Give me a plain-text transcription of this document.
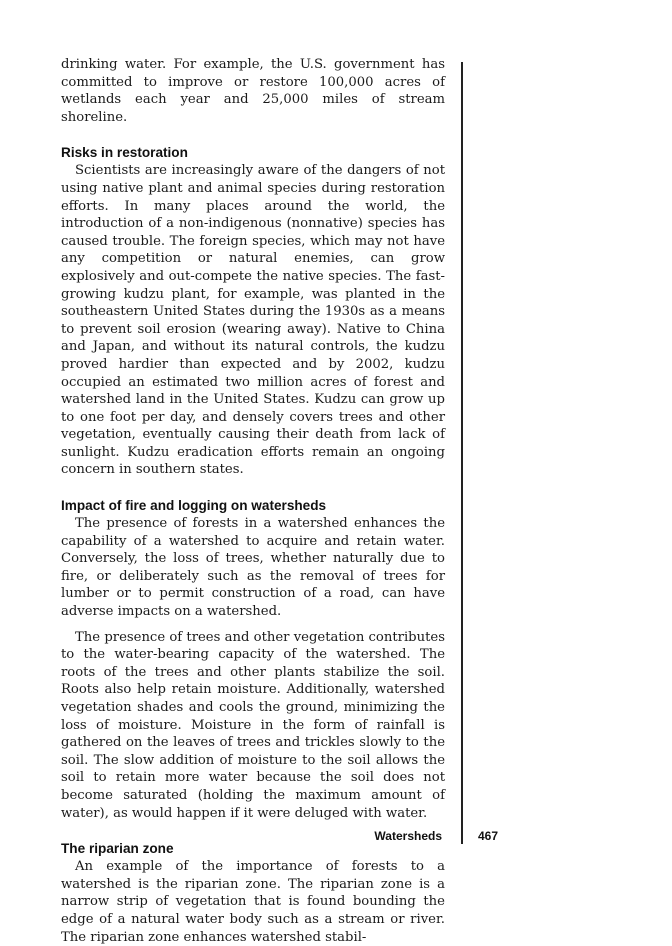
drinking water. For example, the U.S. government has committed to improve or restore 100,000 acres of wetlands each year and 25,000 miles of stream shoreline.

Risks in restoration

Scientists are increasingly aware of the dangers of not using native plant and animal species during restoration efforts. In many places around the world, the introduction of a non-indigenous (nonnative) species has caused trouble. The foreign species, which may not have any competition or natural enemies, can grow explosively and out-compete the native species. The fast-growing kudzu plant, for example, was planted in the southeastern United States during the 1930s as a means to prevent soil erosion (wearing away). Native to China and Japan, and without its natural controls, the kudzu proved hardier than expected and by 2002, kudzu occupied an estimated two million acres of forest and watershed land in the United States. Kudzu can grow up to one foot per day, and densely covers trees and other vegetation, eventually causing their death from lack of sunlight. Kudzu eradication efforts remain an ongoing concern in southern states.

Impact of fire and logging on watersheds

The presence of forests in a watershed enhances the capability of a watershed to acquire and retain water. Conversely, the loss of trees, whether naturally due to fire, or deliberately such as the removal of trees for lumber or to permit construction of a road, can have adverse impacts on a watershed.

The presence of trees and other vegetation contributes to the water-bearing capacity of the watershed. The roots of the trees and other plants stabilize the soil. Roots also help retain moisture. Additionally, watershed vegetation shades and cools the ground, minimizing the loss of moisture. Moisture in the form of rainfall is gathered on the leaves of trees and trickles slowly to the soil. The slow addition of moisture to the soil allows the soil to retain more water because the soil does not become saturated (holding the maximum amount of water), as would happen if it were deluged with water.

The riparian zone

An example of the importance of forests to a watershed is the riparian zone. The riparian zone is a narrow strip of vegetation that is found bounding the edge of a natural water body such as a stream or river. The riparian zone enhances watershed stabil-

Watersheds	467
